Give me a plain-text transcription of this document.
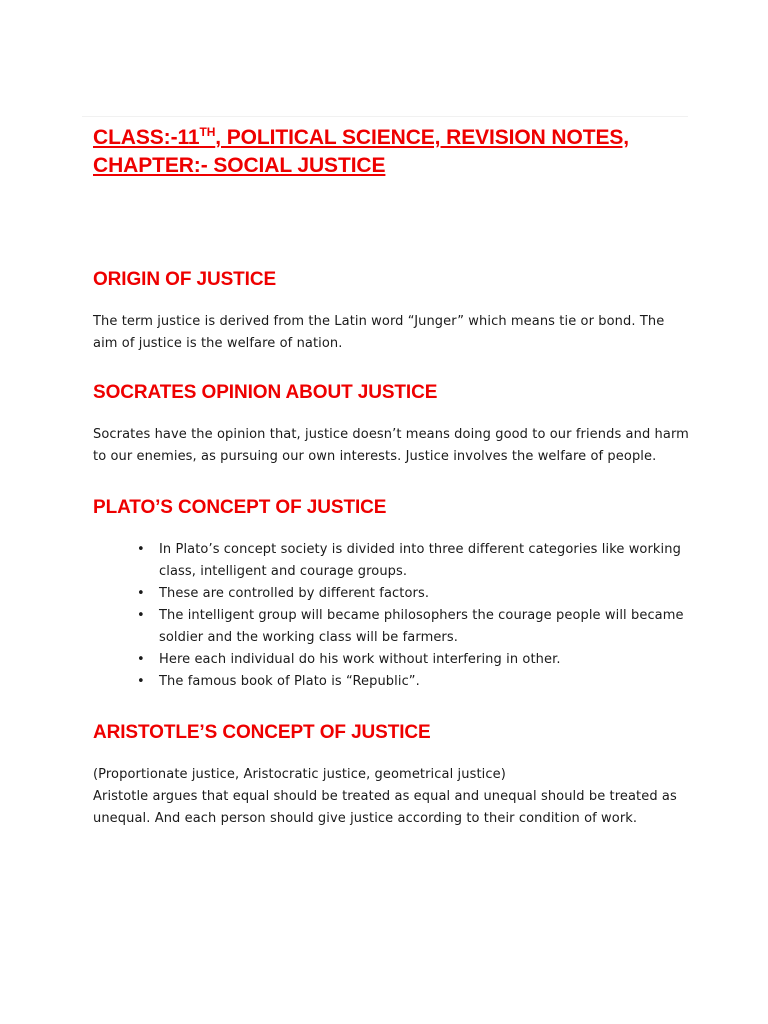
CLASS:-11TH, POLITICAL SCIENCE, REVISION NOTES,
CHAPTER:- SOCIAL JUSTICE
ORIGIN OF JUSTICE

The term justice is derived from the Latin word “Junger” which means tie or bond. The aim of justice is the welfare of nation.

SOCRATES OPINION ABOUT JUSTICE

Socrates have the opinion that, justice doesn’t means doing good to our friends and harm to our enemies, as pursuing our own interests. Justice involves the welfare of people.

PLATO’S CONCEPT OF JUSTICE
• In Plato’s concept society is divided into three different categories like working class, intelligent and courage groups.
• These are controlled by different factors.
• The intelligent group will became philosophers the courage people will became soldier and the working class will be farmers.
• Here each individual do his work without interfering in other.
• The famous book of Plato is “Republic”.
ARISTOTLE’S CONCEPT OF JUSTICE

(Proportionate justice, Aristocratic justice, geometrical justice)
Aristotle argues that equal should be treated as equal and unequal should be treated as unequal. And each person should give justice according to their condition of work.
